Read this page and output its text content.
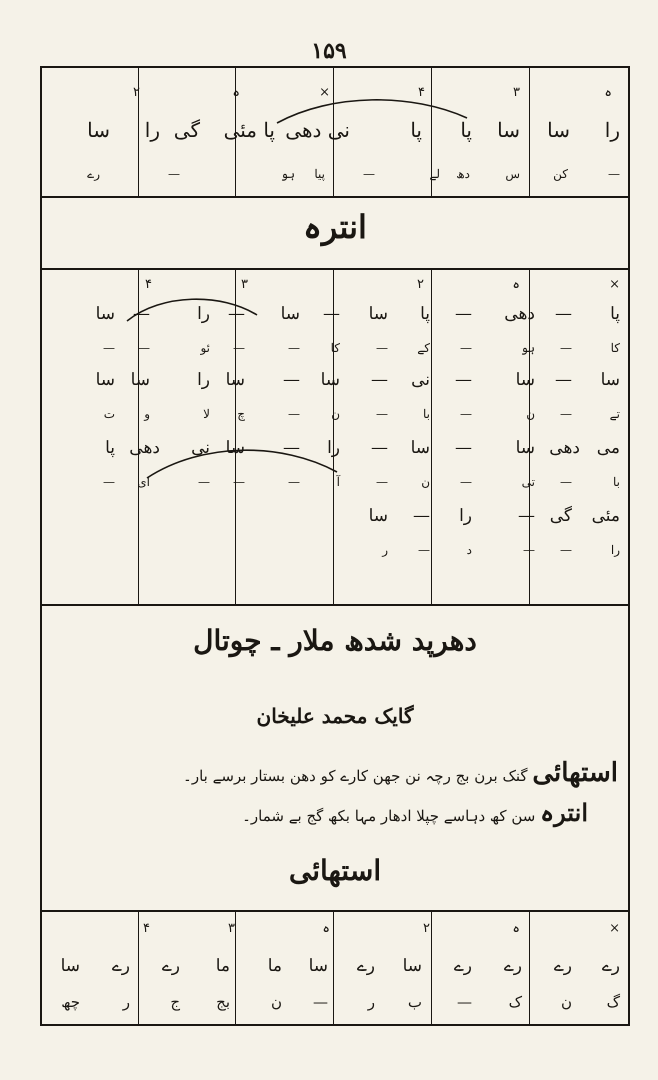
۱۵۹
ہ
۳
۴
×
ہ
۲
را
سا
سا
پا
پا
نی دھی
پا مئی
گی
را
سا
—
کن
س
دھ
لے
—
ہو	پیا
—
رے
انترہ
×
ہ
۲
۳
۴
پا
—
دھی
—
پا
سا
—
سا
—
را
—
سا
کا
—
ہو
—
کے
—
کا
—
—
ئو
—
—
سا
—
سا
—
نی
—
سا
—
سا
را
سا
سا
تے
—
ن
—
با
—
ن
—
چ
لا
و
ت
می
دھی
سا
—
سا
—
را
—
سا
نی
دھی
پا
با
—
تی
—
ن
—
آ
—
—
—
ای
—
مئی
گی
—
را
—
سا
را
—
—
د
—
ر
دھرپد شدھ ملار ـ چوتال
گایک محمد علیخان
استھائی گنک برن بج رچہ نن جھن کارے کو دھن بستار برسے بار۔
انترہ سن کھ دہاسے چپلا ادھار مہا بکھ گج بے شمار۔
استھائی
×
ہ
۲
ہ
۳
۴
رے
رے
رے
رے
سا
رے
سا
ما
ما
رے
رے
سا
گ
ن
ک
—
ب
ر
—
ن
بج
ج
ر
چھ
